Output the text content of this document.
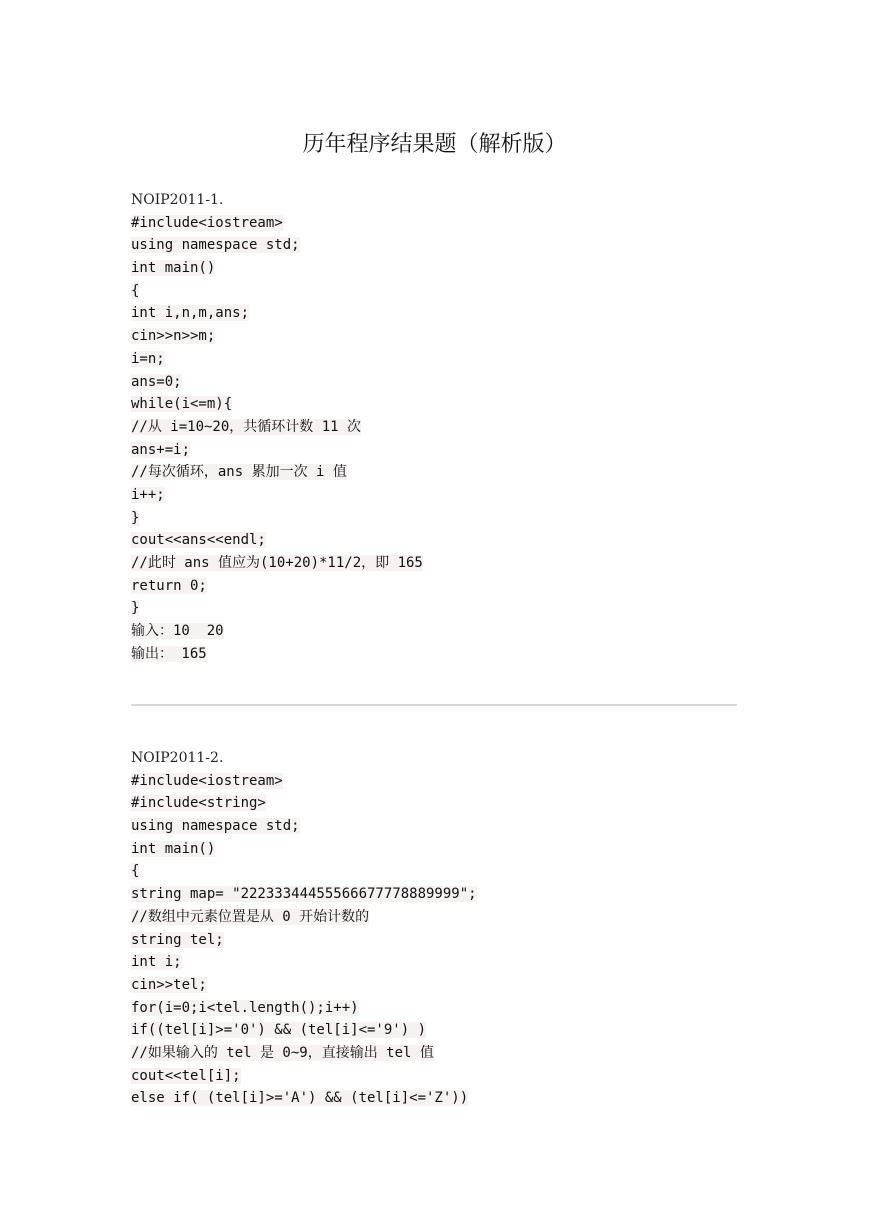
历年程序结果题（解析版）
NOIP2011-1.
#include<iostream>
using namespace std;
int main()
{
int i,n,m,ans;
cin>>n>>m;
i=n;
ans=0;
while(i<=m){
//从 i=10~20，共循环计数 11 次
ans+=i;
//每次循环，ans 累加一次 i 值
i++;
}
cout<<ans<<endl;
//此时 ans 值应为(10+20)*11/2，即 165
return 0;
}
输入：10  20
输出： 165
NOIP2011-2.
#include<iostream>
#include<string>
using namespace std;
int main()
{
string map= "22233344455566677778889999";
//数组中元素位置是从 0 开始计数的
string tel;
int i;
cin>>tel;
for(i=0;i<tel.length();i++)
if((tel[i]>='0') && (tel[i]<='9') )
//如果输入的 tel 是 0~9，直接输出 tel 值
cout<<tel[i];
else if( (tel[i]>='A') && (tel[i]<='Z'))
